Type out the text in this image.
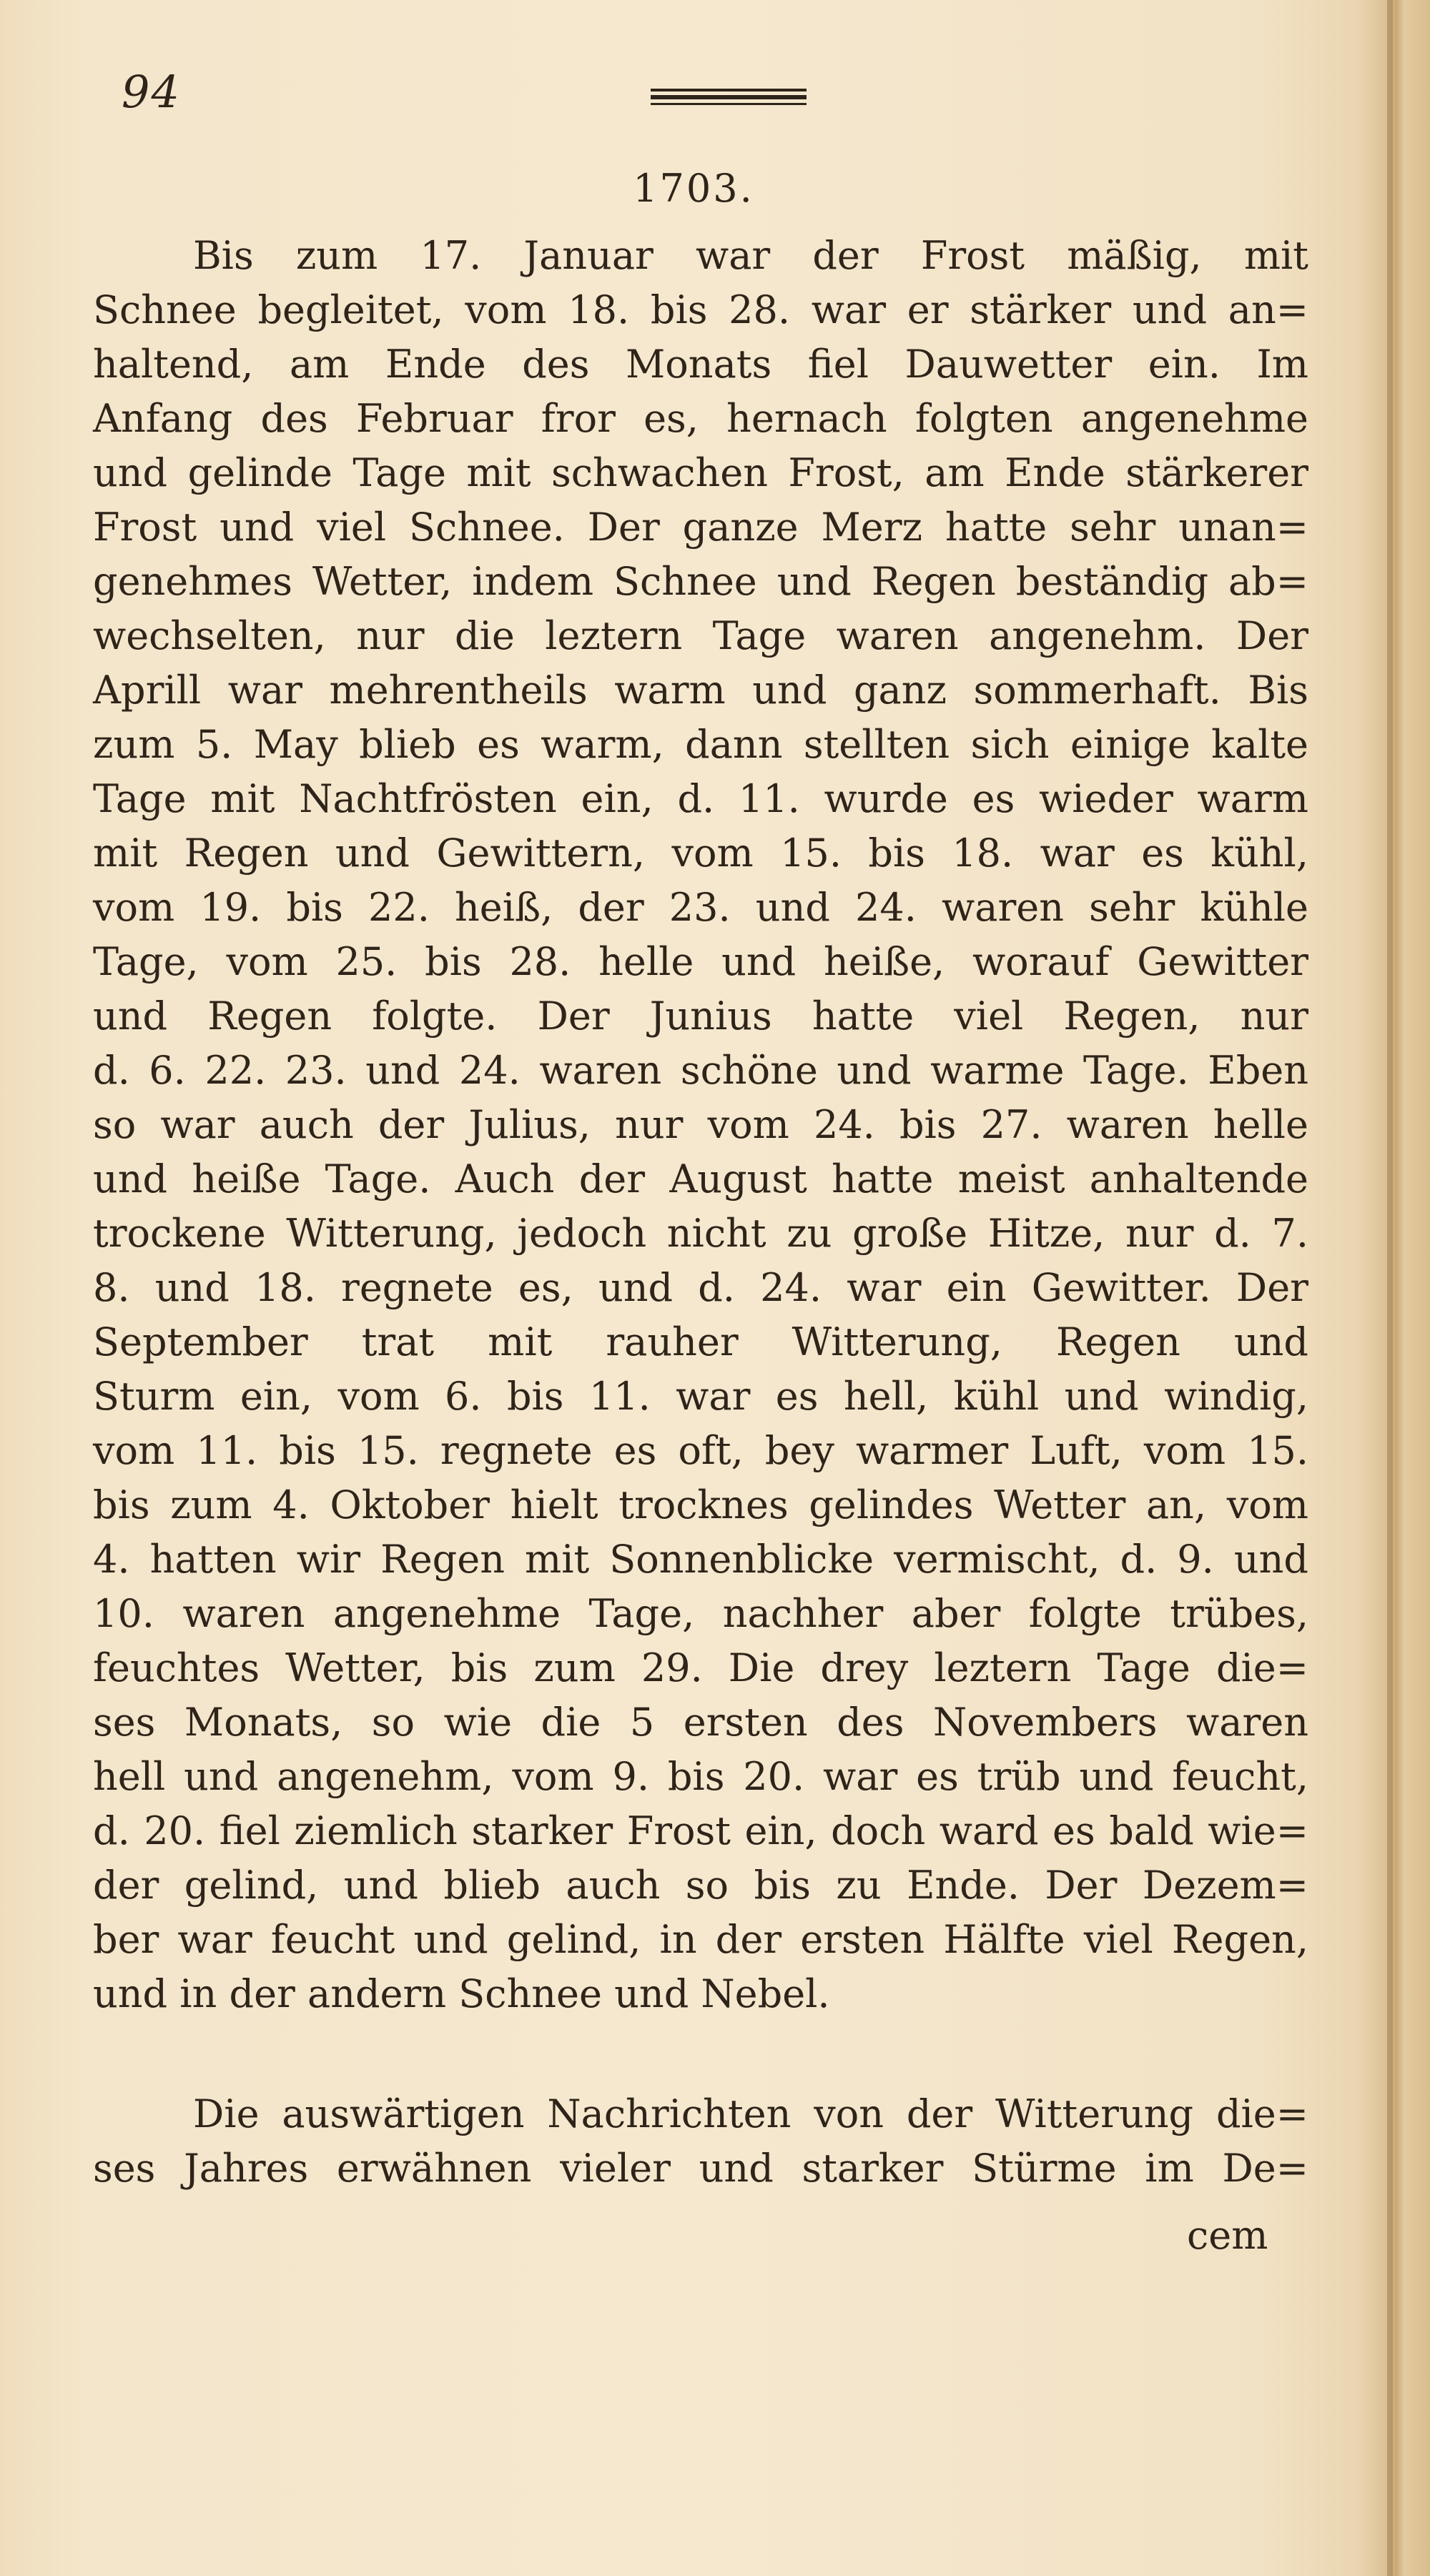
94
1703.
Bis zum 17. Januar war der Frost mäßig, mit
Schnee begleitet, vom 18. bis 28. war er stärker und an=
haltend, am Ende des Monats fiel Dauwetter ein. Im
Anfang des Februar fror es, hernach folgten angenehme
und gelinde Tage mit schwachen Frost, am Ende stärkerer
Frost und viel Schnee. Der ganze Merz hatte sehr unan=
genehmes Wetter, indem Schnee und Regen beständig ab=
wechselten, nur die leztern Tage waren angenehm. Der
Aprill war mehrentheils warm und ganz sommerhaft. Bis
zum 5. May blieb es warm, dann stellten sich einige kalte
Tage mit Nachtfrösten ein, d. 11. wurde es wieder warm
mit Regen und Gewittern, vom 15. bis 18. war es kühl,
vom 19. bis 22. heiß, der 23. und 24. waren sehr kühle
Tage, vom 25. bis 28. helle und heiße, worauf Gewitter
und Regen folgte. Der Junius hatte viel Regen, nur
d. 6. 22. 23. und 24. waren schöne und warme Tage. Eben
so war auch der Julius, nur vom 24. bis 27. waren helle
und heiße Tage. Auch der August hatte meist anhaltende
trockene Witterung, jedoch nicht zu große Hitze, nur d. 7.
8. und 18. regnete es, und d. 24. war ein Gewitter. Der
September trat mit rauher Witterung, Regen und
Sturm ein, vom 6. bis 11. war es hell, kühl und windig,
vom 11. bis 15. regnete es oft, bey warmer Luft, vom 15.
bis zum 4. Oktober hielt trocknes gelindes Wetter an, vom
4. hatten wir Regen mit Sonnenblicke vermischt, d. 9. und
10. waren angenehme Tage, nachher aber folgte trübes,
feuchtes Wetter, bis zum 29. Die drey leztern Tage die=
ses Monats, so wie die 5 ersten des Novembers waren
hell und angenehm, vom 9. bis 20. war es trüb und feucht,
d. 20. fiel ziemlich starker Frost ein, doch ward es bald wie=
der gelind, und blieb auch so bis zu Ende. Der Dezem=
ber war feucht und gelind, in der ersten Hälfte viel Regen,
und in der andern Schnee und Nebel.
Die auswärtigen Nachrichten von der Witterung die=
ses Jahres erwähnen vieler und starker Stürme im De=
cem
